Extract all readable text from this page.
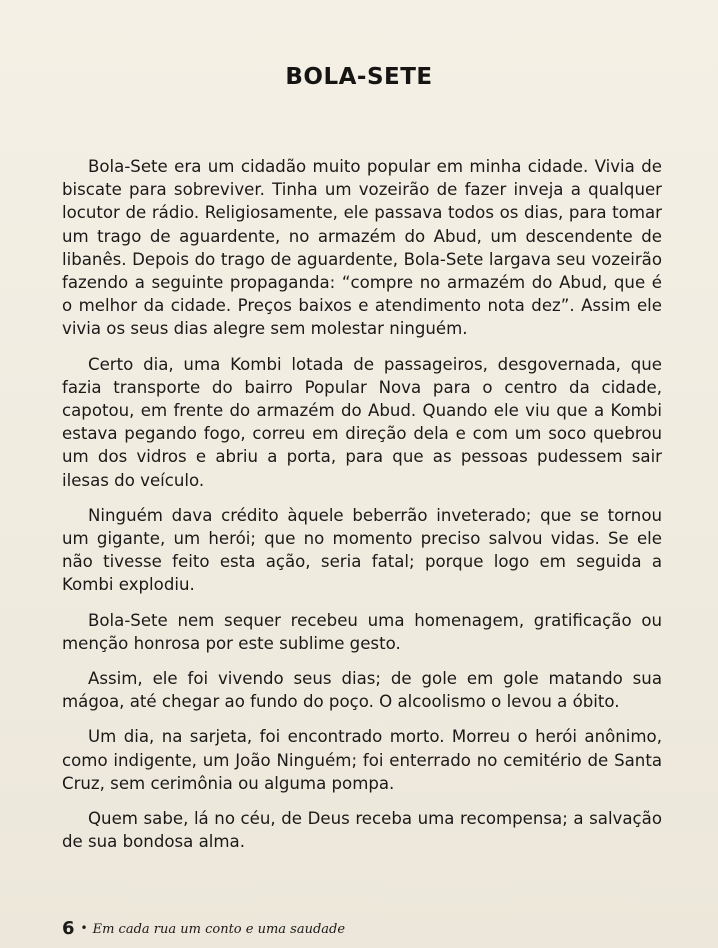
BOLA-SETE

Bola-Sete era um cidadão muito popular em minha cidade. Vivia de biscate para sobreviver. Tinha um vozeirão de fazer inveja a qualquer locutor de rádio. Religiosamente, ele passava todos os dias, para tomar um trago de aguardente, no armazém do Abud, um descendente de libanês. Depois do trago de aguardente, Bola-Sete largava seu vozeirão fazendo a seguinte propaganda: “compre no armazém do Abud, que é o melhor da cidade. Preços baixos e atendimento nota dez”. Assim ele vivia os seus dias alegre sem molestar ninguém.

Certo dia, uma Kombi lotada de passageiros, desgovernada, que fazia transporte do bairro Popular Nova para o centro da cidade, capotou, em frente do armazém do Abud. Quando ele viu que a Kombi estava pegando fogo, correu em direção dela e com um soco quebrou um dos vidros e abriu a porta, para que as pessoas pudessem sair ilesas do veículo.

Ninguém dava crédito àquele beberrão inveterado; que se tornou um gigante, um herói; que no momento preciso salvou vidas. Se ele não tivesse feito esta ação, seria fatal; porque logo em seguida a Kombi explodiu.

Bola-Sete nem sequer recebeu uma homenagem, gratificação ou menção honrosa por este sublime gesto.

Assim, ele foi vivendo seus dias; de gole em gole matando sua mágoa, até chegar ao fundo do poço. O alcoolismo o levou a óbito.

Um dia, na sarjeta, foi encontrado morto. Morreu o herói anônimo, como indigente, um João Ninguém; foi enterrado no cemitério de Santa Cruz, sem cerimônia ou alguma pompa.

Quem sabe, lá no céu, de Deus receba uma recompensa; a salvação de sua bondosa alma.

6 • Em cada rua um conto e uma saudade
